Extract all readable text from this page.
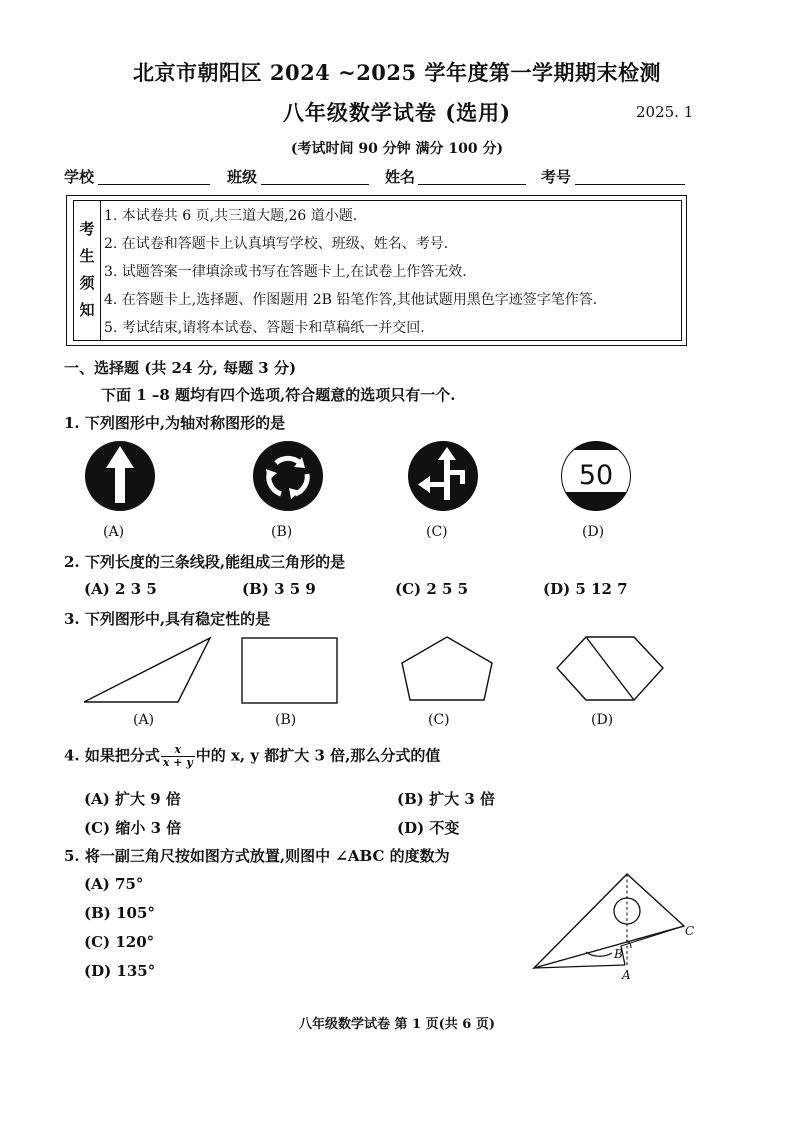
北京市朝阳区 2024 ~2025 学年度第一学期期末检测
八年级数学试卷 (选用)	2025. 1
(考试时间 90 分钟 满分 100 分)
学校	班级	姓名	考号
考
生
须
知
1. 本试卷共 6 页,共三道大题,26 道小题.
2. 在试卷和答题卡上认真填写学校、班级、姓名、考号.
3. 试题答案一律填涂或书写在答题卡上,在试卷上作答无效.
4. 在答题卡上,选择题、作图题用 2B 铅笔作答,其他试题用黑色字迹签字笔作答.
5. 考试结束,请将本试卷、答题卡和草稿纸一并交回.
一、选择题 (共 24 分, 每题 3 分)
下面 1 –8 题均有四个选项,符合题意的选项只有一个.
1. 下列图形中,为轴对称图形的是
50
(A)	(B)	(C)	(D)
2. 下列长度的三条线段,能组成三角形的是
(A) 2 3 5	(B) 3 5 9	(C) 2 5 5	(D) 5 12 7
3. 下列图形中,具有稳定性的是
(A)	(B)	(C)	(D)
4. 如果把分式 $\frac{x}{x + y}$ 中的 x, y 都扩大 3 倍,那么分式的值
(A) 扩大 9 倍	(B) 扩大 3 倍
(C) 缩小 3 倍	(D) 不变
5. 将一副三角尺按如图方式放置,则图中 ∠ABC 的度数为
(A) 75°
(B) 105°
(C) 120°
(D) 135°
B
C
A
八年级数学试卷 第 1 页(共 6 页)
